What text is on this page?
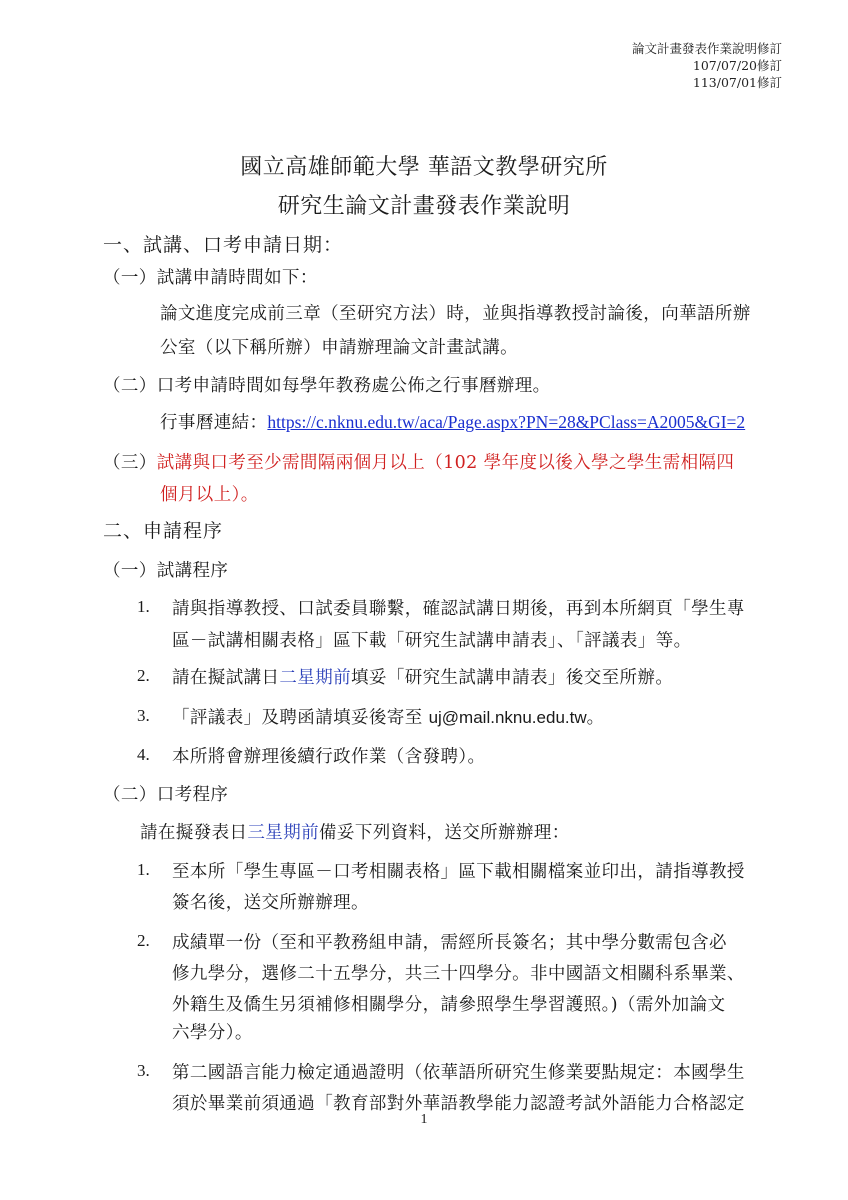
論文計畫發表作業說明修訂
107/07/20修訂
113/07/01修訂
國立高雄師範大學 華語文教學研究所
研究生論文計畫發表作業說明
一、試講、口考申請日期：
（一）試講申請時間如下：
論文進度完成前三章（至研究方法）時，並與指導教授討論後，向華語所辦
公室（以下稱所辦）申請辦理論文計畫試講。
（二）口考申請時間如每學年教務處公佈之行事曆辦理。
行事曆連結：https://c.nknu.edu.tw/aca/Page.aspx?PN=28&PClass=A2005&GI=2
（三）試講與口考至少需間隔兩個月以上（102 學年度以後入學之學生需相隔四
個月以上）。
二、申請程序
（一）試講程序
1. 請與指導教授、口試委員聯繫，確認試講日期後，再到本所網頁「學生專
區－試講相關表格」區下載「研究生試講申請表」、「評議表」等。
2. 請在擬試講日二星期前填妥「研究生試講申請表」後交至所辦。
3. 「評議表」及聘函請填妥後寄至 uj@mail.nknu.edu.tw。
4. 本所將會辦理後續行政作業（含發聘）。
（二）口考程序
請在擬發表日三星期前備妥下列資料，送交所辦辦理：
1. 至本所「學生專區－口考相關表格」區下載相關檔案並印出，請指導教授
簽名後，送交所辦辦理。
2. 成績單一份（至和平教務組申請，需經所長簽名；其中學分數需包含必
修九學分，選修二十五學分，共三十四學分。非中國語文相關科系畢業、
外籍生及僑生另須補修相關學分，請參照學生學習護照。)（需外加論文
六學分）。
3. 第二國語言能力檢定通過證明（依華語所研究生修業要點規定：本國學生
須於畢業前須通過「教育部對外華語教學能力認證考試外語能力合格認定
1
